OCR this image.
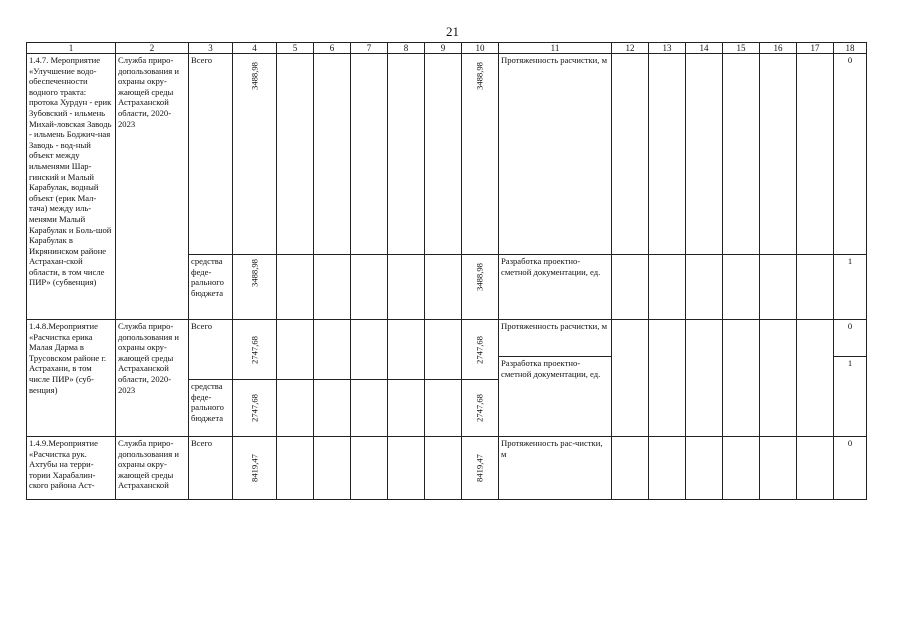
21
1	2	3	4	5	6	7	8	9	10	11	12	13	14	15	16	17	18
1.4.7. Мероприятие «Улучшение водо-обеспеченности водного тракта: протока Хурдун - ерик Зубовский - ильмень Михай-ловская Заводь - ильмень Боджич-ная Заводь - вод-ный объект между ильменями Шар-гинский и Малый Карабулак, водный объект (ерик Мал-тача) между иль-менями Малый Карабулак и Боль-шой Карабулак в Икрянинском районе Астрахан-ской области, в том числе ПИР» (субвенция)	Служба приро-допользования и охраны окру-жающей среды Астраханской области, 2020-2023	Всего	3488,98						3488,98	Протяженность расчистки, м							0
		средства феде-рального бюджета	3488,98						3488,98	Разработка проектно-сметной документации, ед.							1
1.4.8.Мероприятие «Расчистка ерика Малая Дарма в Трусовском районе г. Астрахани, в том числе ПИР» (суб-венция)	Служба приро-допользования и охраны окру-жающей среды Астраханской области, 2020-2023	Всего	2747,68						2747,68	Протяженность расчистки, м							0
										Разработка проектно-сметной документации, ед.							1
		средства феде-рального бюджета	2747,68						2747,68								

1.4.9.Мероприятие «Расчистка рук. Ахтубы на терри-тории Харабалин-ского района Аст-	Служба приро-допользования и охраны окру-жающей среды Астраханской	Всего	8419,47						8419,47	Протяженность рас-чистки, м							0
